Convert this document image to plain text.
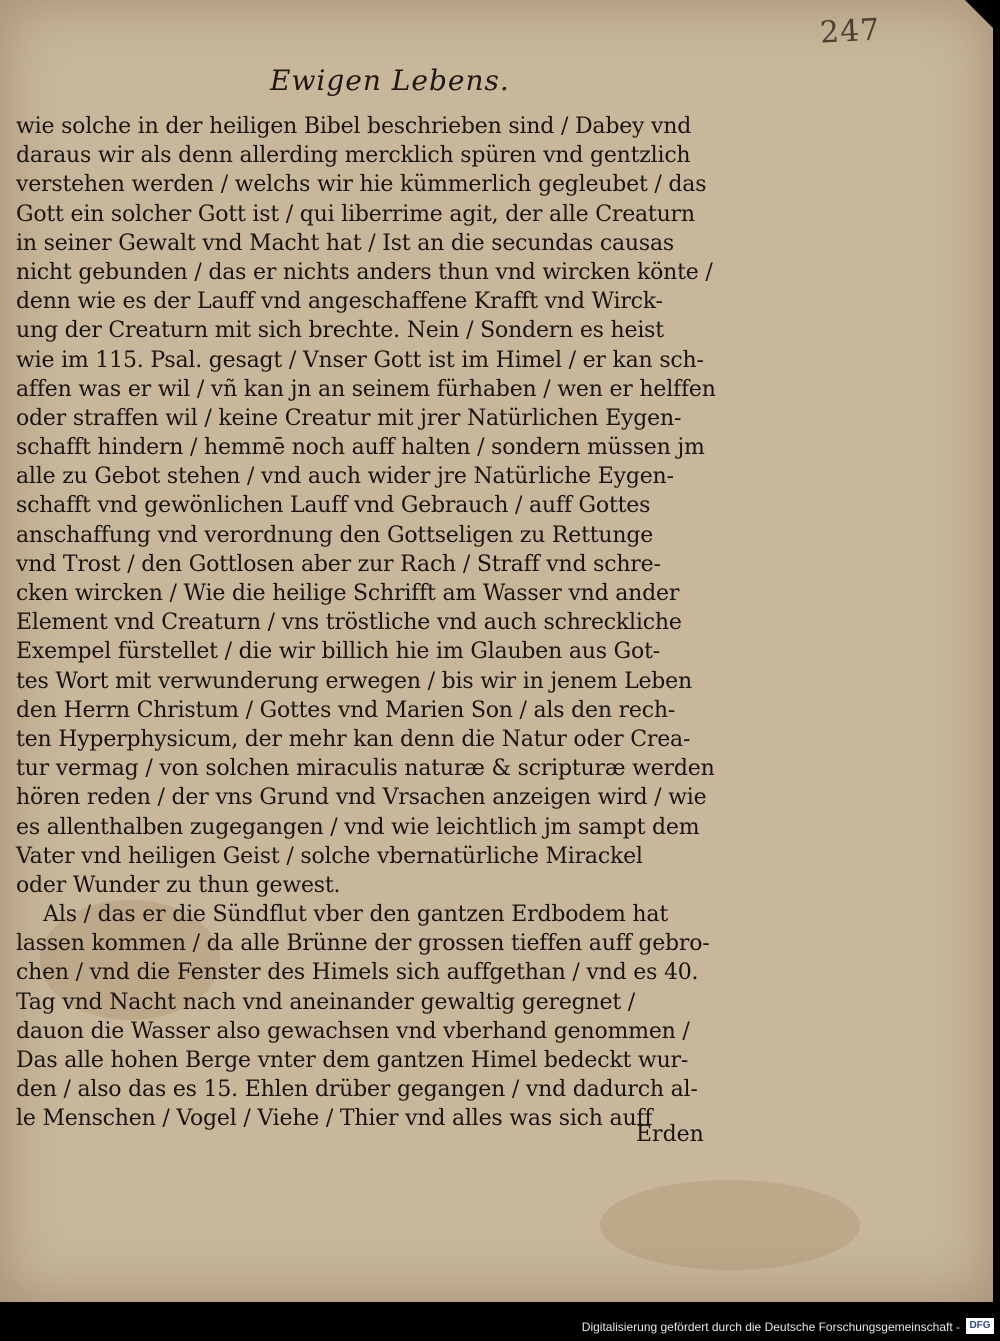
247
Ewigen Lebens.
wie solche in der heiligen Bibel beschrieben sind / Dabey vnd
daraus wir als denn allerding mercklich spüren vnd gentzlich
verstehen werden / welchs wir hie kümmerlich gegleubet / das
Gott ein solcher Gott ist / qui liberrime agit, der alle Creaturn
in seiner Gewalt vnd Macht hat / Ist an die secundas causas
nicht gebunden / das er nichts anders thun vnd wircken könte /
denn wie es der Lauff vnd angeschaffene Krafft vnd Wirck-
ung der Creaturn mit sich brechte. Nein / Sondern es heist
wie im 115. Psal. gesagt / Vnser Gott ist im Himel / er kan sch-
affen was er wil / vñ kan jn an seinem fürhaben / wen er helffen
oder straffen wil / keine Creatur mit jrer Natürlichen Eygen-
schafft hindern / hemmē noch auff halten / sondern müssen jm
alle zu Gebot stehen / vnd auch wider jre Natürliche Eygen-
schafft vnd gewönlichen Lauff vnd Gebrauch / auff Gottes
anschaffung vnd verordnung den Gottseligen zu Rettunge
vnd Trost / den Gottlosen aber zur Rach / Straff vnd schre-
cken wircken / Wie die heilige Schrifft am Wasser vnd ander
Element vnd Creaturn / vns tröstliche vnd auch schreckliche
Exempel fürstellet / die wir billich hie im Glauben aus Got-
tes Wort mit verwunderung erwegen / bis wir in jenem Leben
den Herrn Christum / Gottes vnd Marien Son / als den rech-
ten Hyperphysicum, der mehr kan denn die Natur oder Crea-
tur vermag / von solchen miraculis naturæ & scripturæ werden
hören reden / der vns Grund vnd Vrsachen anzeigen wird / wie
es allenthalben zugegangen / vnd wie leichtlich jm sampt dem
Vater vnd heiligen Geist / solche vbernatürliche Mirackel
oder Wunder zu thun gewest.
Als / das er die Sündflut vber den gantzen Erdbodem hat
lassen kommen / da alle Brünne der grossen tieffen auff gebro-
chen / vnd die Fenster des Himels sich auffgethan / vnd es 40.
Tag vnd Nacht nach vnd aneinander gewaltig geregnet /
dauon die Wasser also gewachsen vnd vberhand genommen /
Das alle hohen Berge vnter dem gantzen Himel bedeckt wur-
den / also das es 15. Ehlen drüber gegangen / vnd dadurch al-
le Menschen / Vogel / Viehe / Thier vnd alles was sich auff
Erden
Digitalisierung gefördert durch die Deutsche Forschungsgemeinschaft - DFG
